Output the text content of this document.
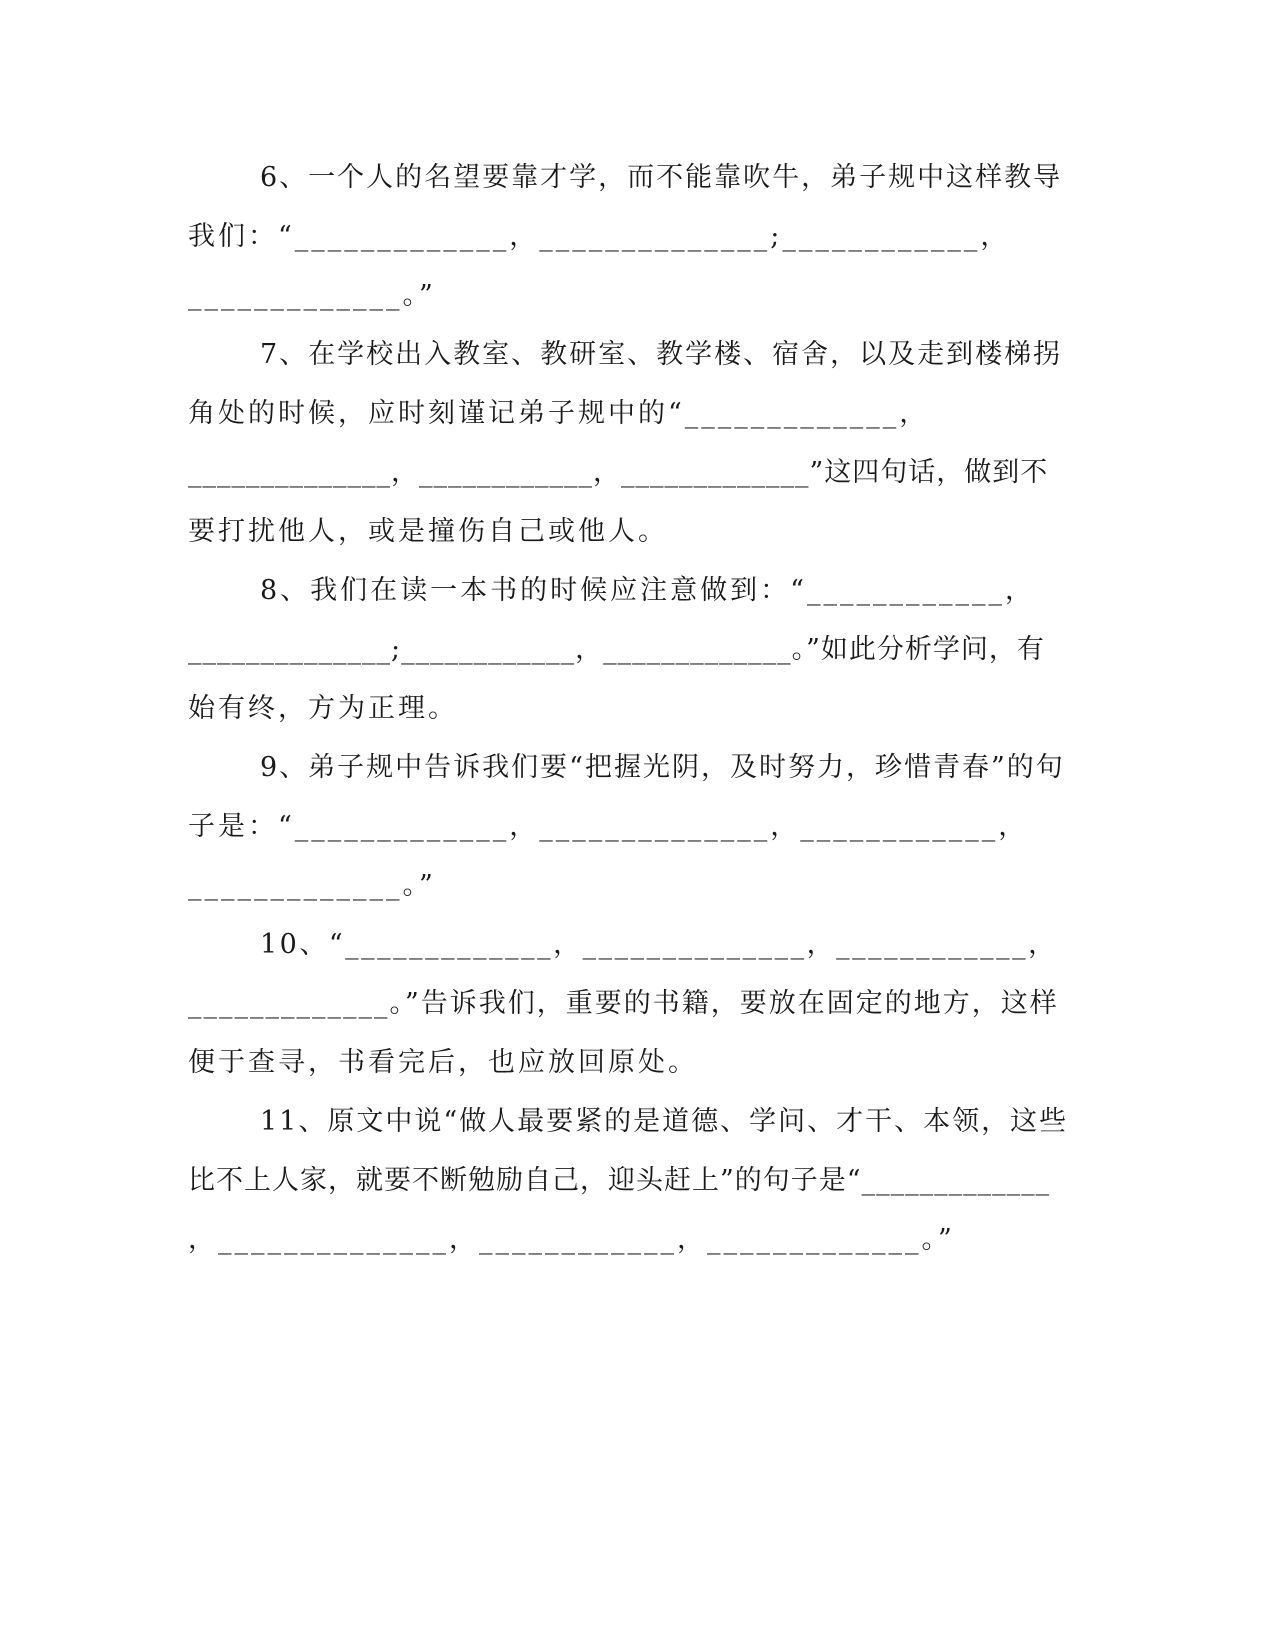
6、一个人的名望要靠才学，而不能靠吹牛，弟子规中这样教导
我们：“_____________，______________;____________，
_____________。”
7、在学校出入教室、教研室、教学楼、宿舍，以及走到楼梯拐
角处的时候，应时刻谨记弟子规中的“_____________，
______________，____________，_____________”这四句话，做到不
要打扰他人，或是撞伤自己或他人。
8、我们在读一本书的时候应注意做到：“____________，
______________;____________，_____________。”如此分析学问，有
始有终，方为正理。
9、弟子规中告诉我们要“把握光阴，及时努力，珍惜青春”的句
子是：“_____________，______________，____________，
_____________。”
10、“_____________，______________，____________，
_____________。”告诉我们，重要的书籍，要放在固定的地方，这样
便于查寻，书看完后，也应放回原处。
11、原文中说“做人最要紧的是道德、学问、才干、本领，这些
比不上人家，就要不断勉励自己，迎头赶上”的句子是“_____________
，______________，____________，_____________。”
